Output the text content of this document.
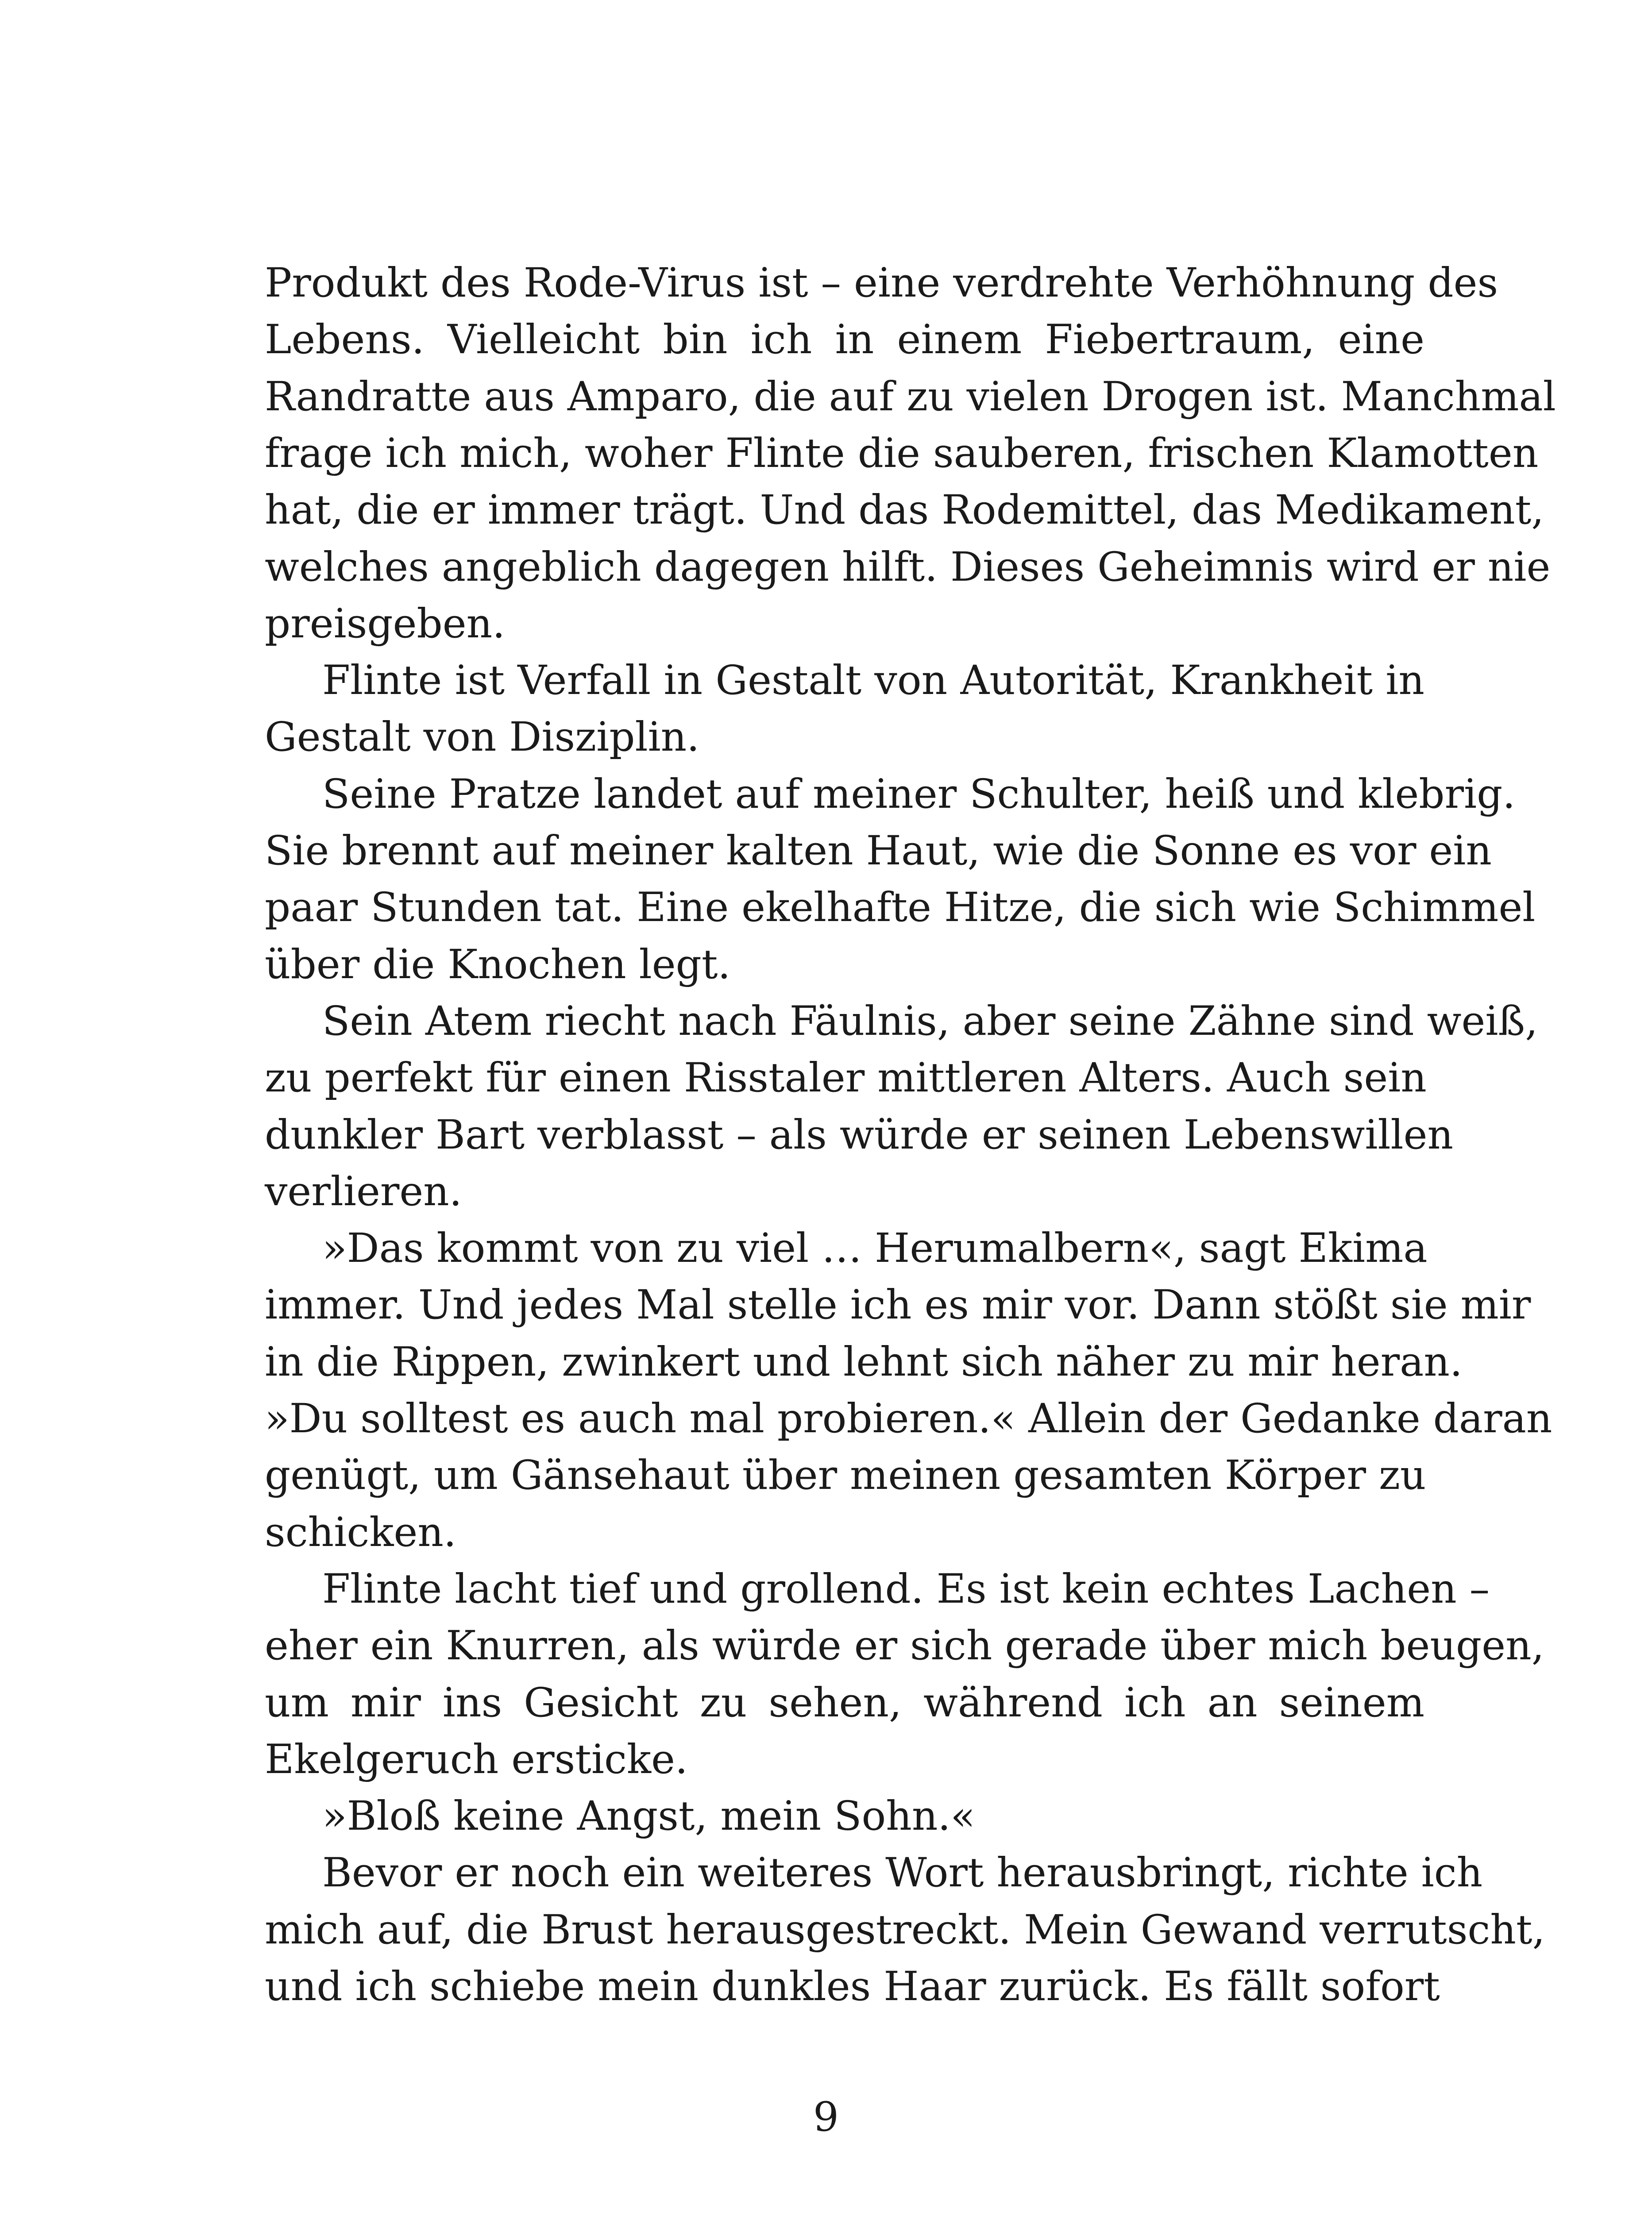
Produkt des Rode-Virus ist – eine verdrehte Verhöhnung des
Lebens. Vielleicht bin ich in einem Fiebertraum, eine
Randratte aus Amparo, die auf zu vielen Drogen ist. Manchmal
frage ich mich, woher Flinte die sauberen, frischen Klamotten
hat, die er immer trägt. Und das Rodemittel, das Medikament,
welches angeblich dagegen hilft. Dieses Geheimnis wird er nie
preisgeben.
Flinte ist Verfall in Gestalt von Autorität, Krankheit in
Gestalt von Disziplin.
Seine Pratze landet auf meiner Schulter, heiß und klebrig.
Sie brennt auf meiner kalten Haut, wie die Sonne es vor ein
paar Stunden tat. Eine ekelhafte Hitze, die sich wie Schimmel
über die Knochen legt.
Sein Atem riecht nach Fäulnis, aber seine Zähne sind weiß,
zu perfekt für einen Risstaler mittleren Alters. Auch sein
dunkler Bart verblasst – als würde er seinen Lebenswillen
verlieren.
»Das kommt von zu viel … Herumalbern«, sagt Ekima
immer. Und jedes Mal stelle ich es mir vor. Dann stößt sie mir
in die Rippen, zwinkert und lehnt sich näher zu mir heran.
»Du solltest es auch mal probieren.« Allein der Gedanke daran
genügt, um Gänsehaut über meinen gesamten Körper zu
schicken.
Flinte lacht tief und grollend. Es ist kein echtes Lachen –
eher ein Knurren, als würde er sich gerade über mich beugen,
um mir ins Gesicht zu sehen, während ich an seinem
Ekelgeruch ersticke.
»Bloß keine Angst, mein Sohn.«
Bevor er noch ein weiteres Wort herausbringt, richte ich
mich auf, die Brust herausgestreckt. Mein Gewand verrutscht,
und ich schiebe mein dunkles Haar zurück. Es fällt sofort
9
